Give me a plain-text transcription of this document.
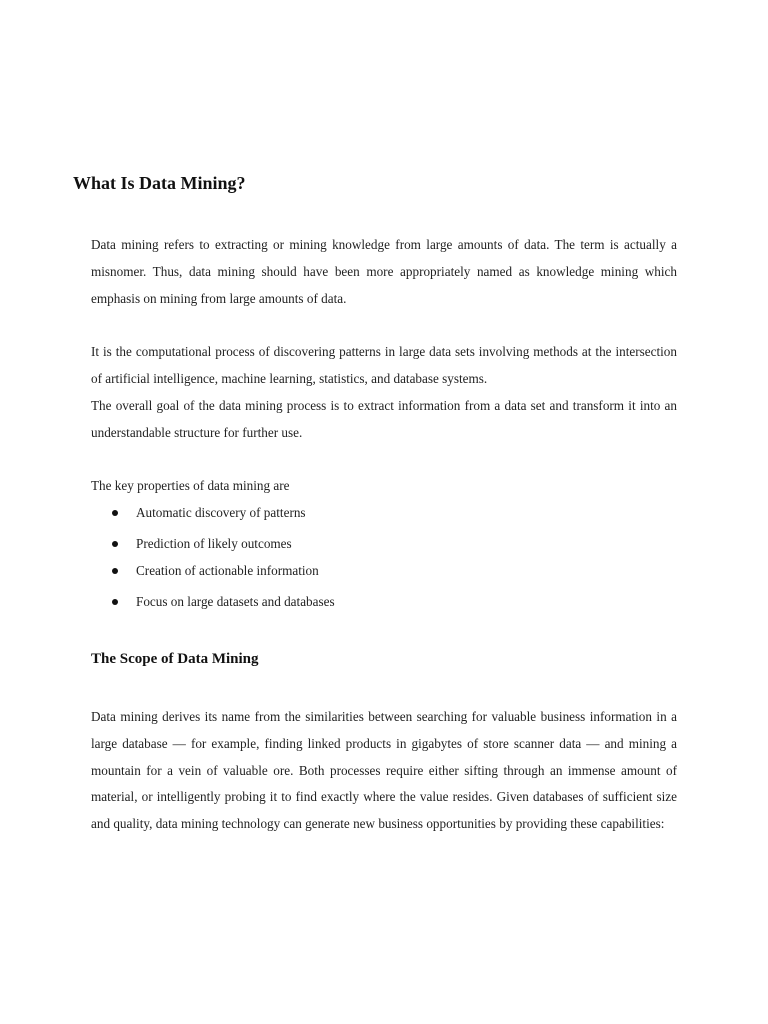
What Is Data Mining?

Data mining refers to extracting or mining knowledge from large amounts of data. The term is actually a misnomer. Thus, data mining should have been more appropriately named as knowledge mining which emphasis on mining from large amounts of data.

It is the computational process of discovering patterns in large data sets involving methods at the intersection of artificial intelligence, machine learning, statistics, and database systems.

The overall goal of the data mining process is to extract information from a data set and transform it into an understandable structure for further use.

The key properties of data mining are

Automatic discovery of patterns
Prediction of likely outcomes
Creation of actionable information
Focus on large datasets and databases
The Scope of Data Mining

Data mining derives its name from the similarities between searching for valuable business information in a large database — for example, finding linked products in gigabytes of store scanner data — and mining a mountain for a vein of valuable ore. Both processes require either sifting through an immense amount of material, or intelligently probing it to find exactly where the value resides. Given databases of sufficient size and quality, data mining technology can generate new business opportunities by providing these capabilities:
